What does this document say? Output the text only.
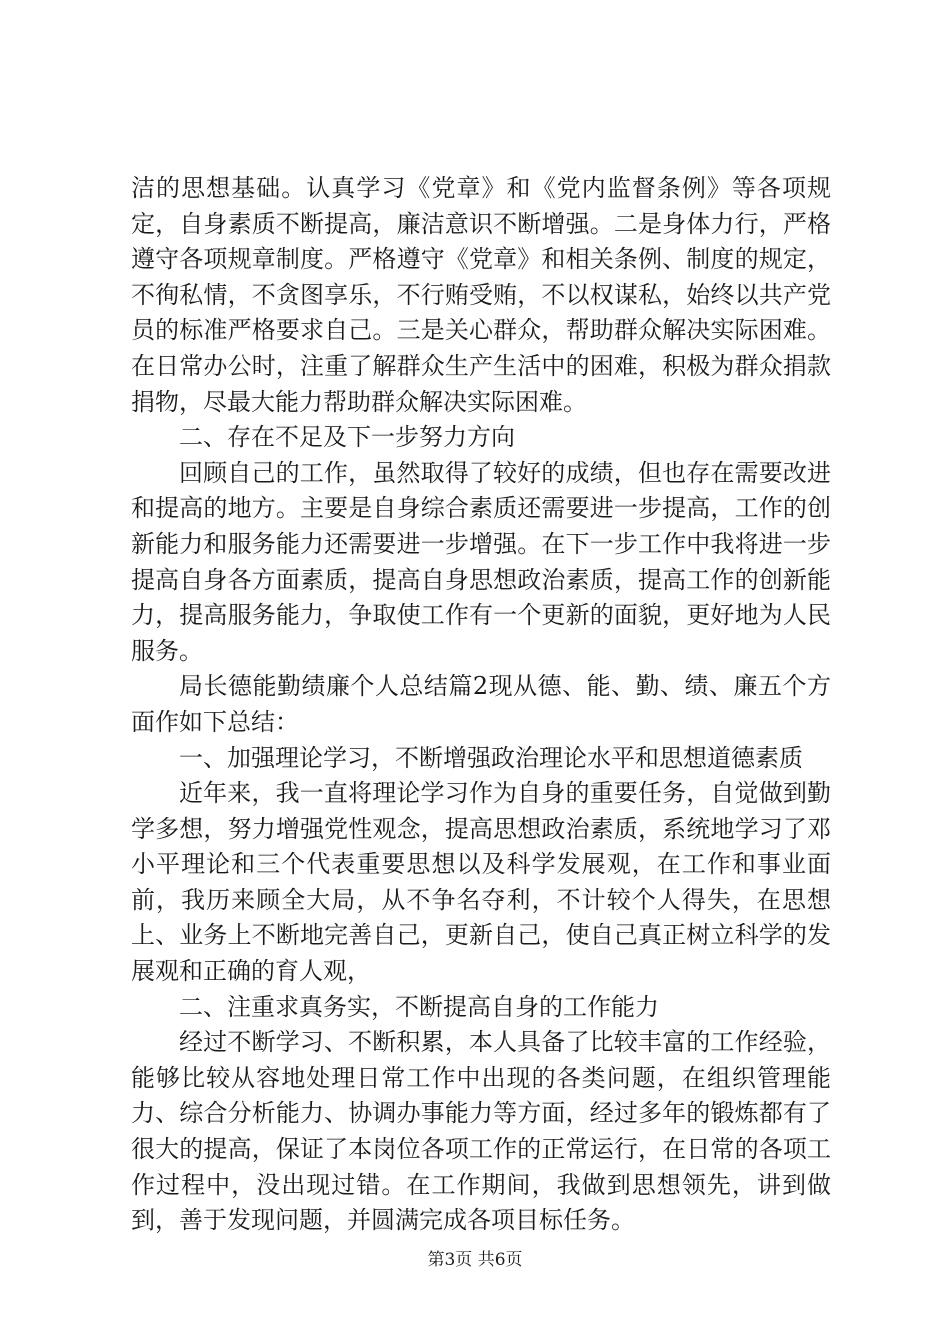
洁的思想基础。认真学习《党章》和《党内监督条例》等各项规定，自身素质不断提高，廉洁意识不断增强。二是身体力行，严格遵守各项规章制度。严格遵守《党章》和相关条例、制度的规定，不徇私情，不贪图享乐，不行贿受贿，不以权谋私，始终以共产党员的标准严格要求自己。三是关心群众，帮助群众解决实际困难。在日常办公时，注重了解群众生产生活中的困难，积极为群众捐款捐物，尽最大能力帮助群众解决实际困难。

二、存在不足及下一步努力方向

回顾自己的工作，虽然取得了较好的成绩，但也存在需要改进和提高的地方。主要是自身综合素质还需要进一步提高，工作的创新能力和服务能力还需要进一步增强。在下一步工作中我将进一步提高自身各方面素质，提高自身思想政治素质，提高工作的创新能力，提高服务能力，争取使工作有一个更新的面貌，更好地为人民服务。

局长德能勤绩廉个人总结篇2现从德、能、勤、绩、廉五个方面作如下总结：

一、加强理论学习，不断增强政治理论水平和思想道德素质

近年来，我一直将理论学习作为自身的重要任务，自觉做到勤学多想，努力增强党性观念，提高思想政治素质，系统地学习了邓小平理论和三个代表重要思想以及科学发展观，在工作和事业面前，我历来顾全大局，从不争名夺利，不计较个人得失，在思想上、业务上不断地完善自己，更新自己，使自己真正树立科学的发展观和正确的育人观，

二、注重求真务实，不断提高自身的工作能力

经过不断学习、不断积累，本人具备了比较丰富的工作经验，能够比较从容地处理日常工作中出现的各类问题，在组织管理能力、综合分析能力、协调办事能力等方面，经过多年的锻炼都有了很大的提高，保证了本岗位各项工作的正常运行，在日常的各项工作过程中，没出现过错。在工作期间，我做到思想领先，讲到做到，善于发现问题，并圆满完成各项目标任务。

第3页 共6页
